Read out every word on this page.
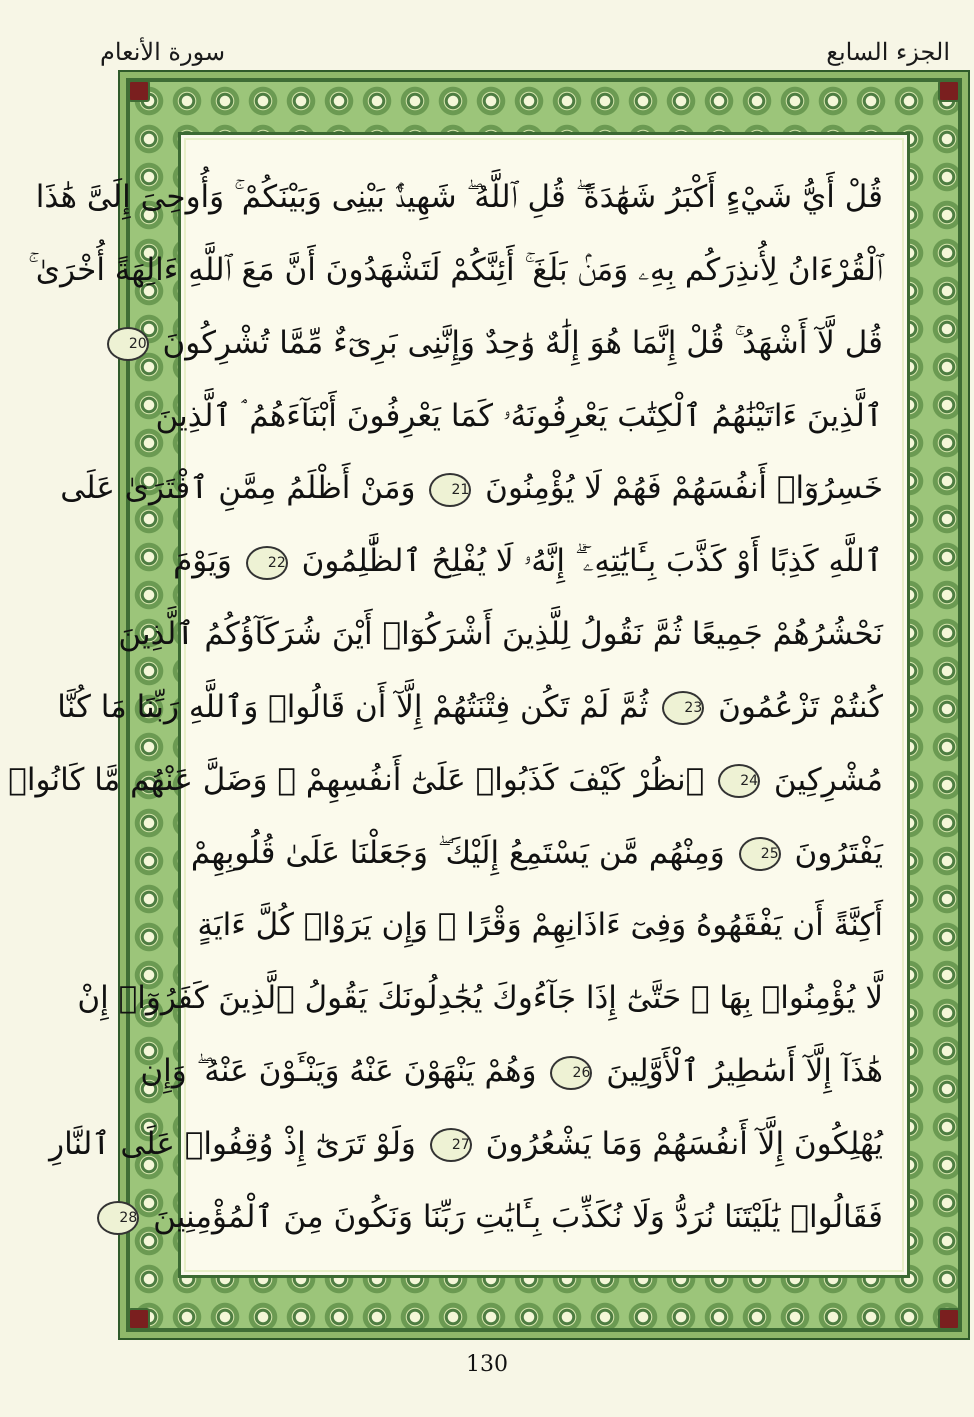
سورة الأنعام	الجزء السابع
قُلْ أَيُّ شَيْءٍ أَكْبَرُ شَهَٰدَةً ۖ قُلِ ٱللَّهُ ۖ شَهِيدٌۢ بَيْنِى وَبَيْنَكُمْ ۚ وَأُوحِىَ إِلَىَّ هَٰذَا
ٱلْقُرْءَانُ لِأُنذِرَكُم بِهِۦ وَمَنۢ بَلَغَ ۚ أَئِنَّكُمْ لَتَشْهَدُونَ أَنَّ مَعَ ٱللَّهِ ءَالِهَةً أُخْرَىٰ ۚ
قُل لَّآ أَشْهَدُ ۚ قُلْ إِنَّمَا هُوَ إِلَٰهٌ وَٰحِدٌ وَإِنَّنِى بَرِىٓءٌ مِّمَّا تُشْرِكُونَ 20
ٱلَّذِينَ ءَاتَيْنَٰهُمُ ٱلْكِتَٰبَ يَعْرِفُونَهُۥ كَمَا يَعْرِفُونَ أَبْنَآءَهُمُ ۘ ٱلَّذِينَ
خَسِرُوٓا۟ أَنفُسَهُمْ فَهُمْ لَا يُؤْمِنُونَ 21 وَمَنْ أَظْلَمُ مِمَّنِ ٱفْتَرَىٰ عَلَى
ٱللَّهِ كَذِبًا أَوْ كَذَّبَ بِـَٔايَٰتِهِۦٓ ۗ إِنَّهُۥ لَا يُفْلِحُ ٱلظَّٰلِمُونَ 22 وَيَوْمَ
نَحْشُرُهُمْ جَمِيعًا ثُمَّ نَقُولُ لِلَّذِينَ أَشْرَكُوٓا۟ أَيْنَ شُرَكَآؤُكُمُ ٱلَّذِينَ
كُنتُمْ تَزْعُمُونَ 23 ثُمَّ لَمْ تَكُن فِتْنَتُهُمْ إِلَّآ أَن قَالُوا۟ وَٱللَّهِ رَبِّنَا مَا كُنَّا
مُشْرِكِينَ 24 ٱنظُرْ كَيْفَ كَذَبُوا۟ عَلَىٰٓ أَنفُسِهِمْ ۚ وَضَلَّ عَنْهُم مَّا كَانُوا۟
يَفْتَرُونَ 25 وَمِنْهُم مَّن يَسْتَمِعُ إِلَيْكَ ۖ وَجَعَلْنَا عَلَىٰ قُلُوبِهِمْ
أَكِنَّةً أَن يَفْقَهُوهُ وَفِىٓ ءَاذَانِهِمْ وَقْرًا ۚ وَإِن يَرَوْا۟ كُلَّ ءَايَةٍ
لَّا يُؤْمِنُوا۟ بِهَا ۚ حَتَّىٰٓ إِذَا جَآءُوكَ يُجَٰدِلُونَكَ يَقُولُ ٱلَّذِينَ كَفَرُوٓا۟ إِنْ
هَٰذَآ إِلَّآ أَسَٰطِيرُ ٱلْأَوَّلِينَ 26 وَهُمْ يَنْهَوْنَ عَنْهُ وَيَنْـَٔوْنَ عَنْهُ ۖ وَإِن
يُهْلِكُونَ إِلَّآ أَنفُسَهُمْ وَمَا يَشْعُرُونَ 27 وَلَوْ تَرَىٰٓ إِذْ وُقِفُوا۟ عَلَى ٱلنَّارِ
فَقَالُوا۟ يَٰلَيْتَنَا نُرَدُّ وَلَا نُكَذِّبَ بِـَٔايَٰتِ رَبِّنَا وَنَكُونَ مِنَ ٱلْمُؤْمِنِينَ 28
130
